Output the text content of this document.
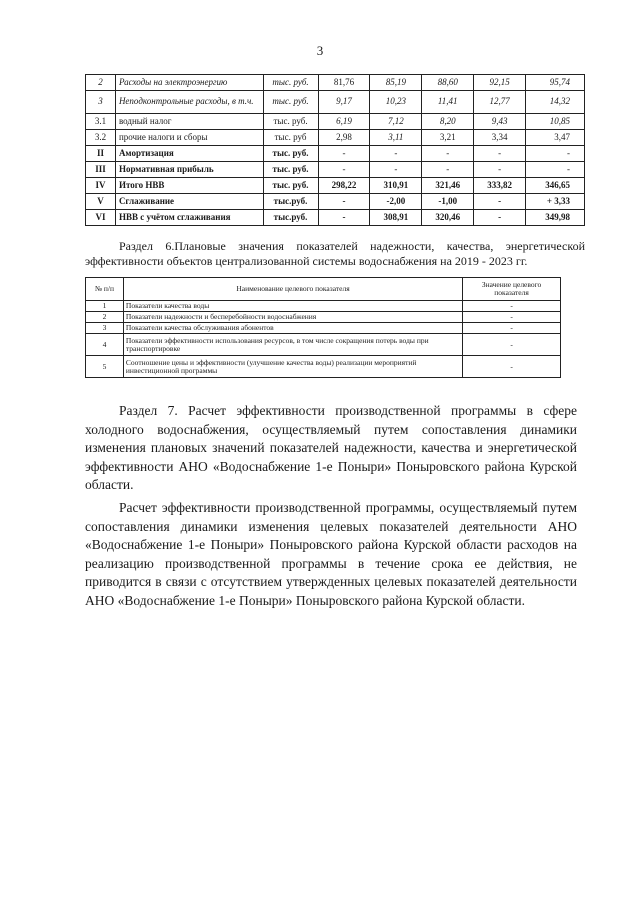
3
2	Расходы на электроэнергию	тыс. руб.	81,76	85,19	88,60	92,15	95,74
3	Неподконтрольные расходы, в т.ч.	тыс. руб.	9,17	10,23	11,41	12,77	14,32
3.1	водный налог	тыс. руб.	6,19	7,12	8,20	9,43	10,85
3.2	прочие налоги и сборы	тыс. руб	2,98	3,11	3,21	3,34	3,47
II	Амортизация	тыс. руб.	-	-	-	-	-
III	Нормативная прибыль	тыс. руб.	-	-	-	-	-
IV	Итого НВВ	тыс. руб.	298,22	310,91	321,46	333,82	346,65
V	Сглаживание	тыс.руб.	-	-2,00	-1,00	-	+ 3,33
VI	НВВ с учётом сглаживания	тыс.руб.	-	308,91	320,46	-	349,98
Раздел 6.Плановые значения показателей надежности, качества, энергетической эффективности объектов централизованной системы водоснабжения на 2019 - 2023 гг.
№ п/п	Наименование целевого показателя	Значение целевого показателя
1	Показатели качества воды	-
2	Показатели надежности и бесперебойности водоснабжения	-
3	Показатели качества обслуживания абонентов	-
4	Показатели эффективности использования ресурсов, в том числе сокращения потерь воды при транспортировке	-
5	Соотношение цены и эффективности (улучшение качества воды) реализации мероприятий инвестиционной программы	-
Раздел 7. Расчет эффективности производственной программы в сфере холодного водоснабжения, осуществляемый путем сопоставления динамики изменения плановых значений показателей надежности, качества и энергетической эффективности АНО «Водоснабжение 1-е Поныри» Поныровского района Курской области.
Расчет эффективности производственной программы, осуществляемый путем сопоставления динамики изменения целевых показателей деятельности АНО «Водоснабжение 1-е Поныри» Поныровского района Курской области расходов на реализацию производственной программы в течение срока ее действия, не приводится в связи с отсутствием утвержденных целевых показателей деятельности АНО «Водоснабжение 1-е Поныри» Поныровского района Курской области.
